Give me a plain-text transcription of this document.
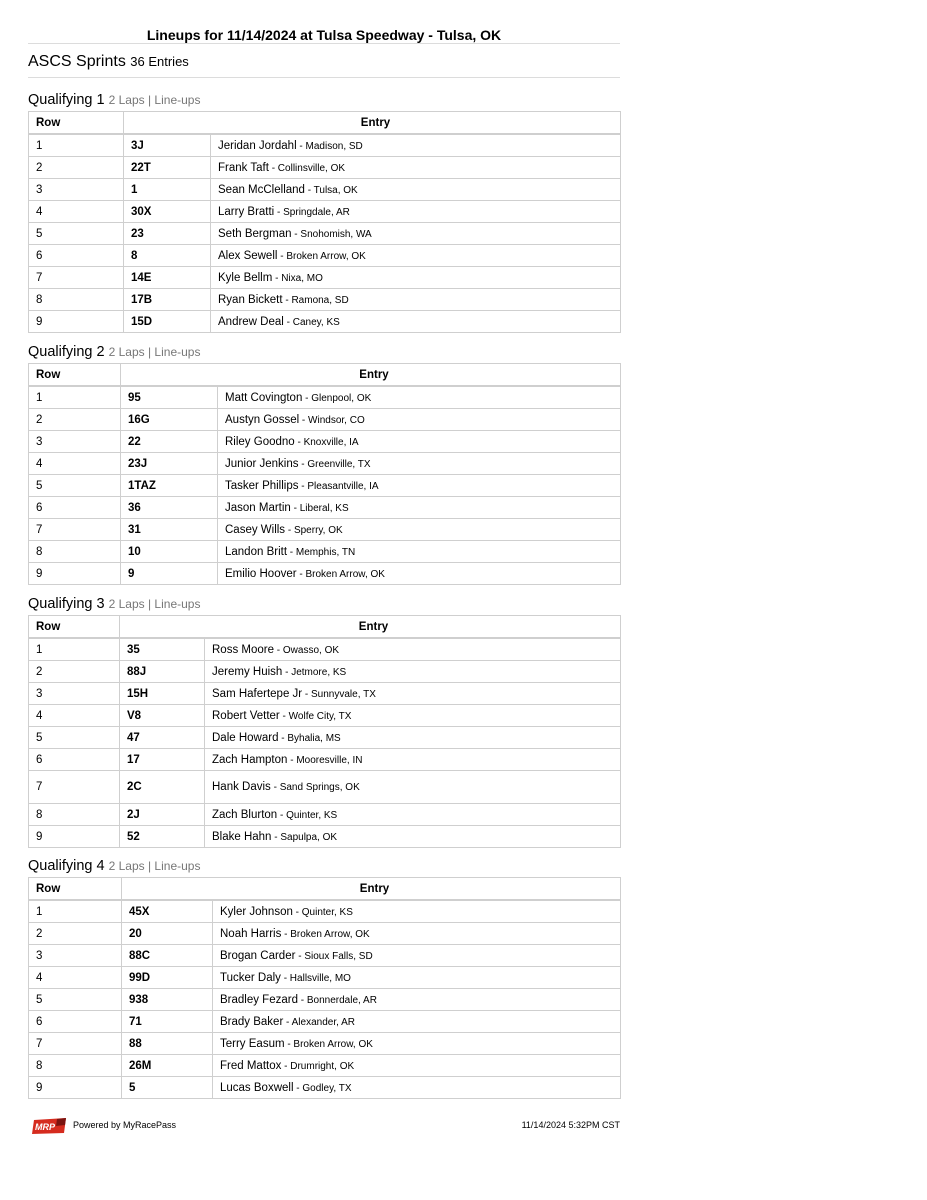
Lineups for 11/14/2024 at Tulsa Speedway - Tulsa, OK
ASCS Sprints 36 Entries
Qualifying 1 2 Laps | Line-ups
Row	Entry	
1	3J	Jeridan Jordahl - Madison, SD
2	22T	Frank Taft - Collinsville, OK
3	1	Sean McClelland - Tulsa, OK
4	30X	Larry Bratti - Springdale, AR
5	23	Seth Bergman - Snohomish, WA
6	8	Alex Sewell - Broken Arrow, OK
7	14E	Kyle Bellm - Nixa, MO
8	17B	Ryan Bickett - Ramona, SD
9	15D	Andrew Deal - Caney, KS
Qualifying 2 2 Laps | Line-ups
Row	Entry	
1	95	Matt Covington - Glenpool, OK
2	16G	Austyn Gossel - Windsor, CO
3	22	Riley Goodno - Knoxville, IA
4	23J	Junior Jenkins - Greenville, TX
5	1TAZ	Tasker Phillips - Pleasantville, IA
6	36	Jason Martin - Liberal, KS
7	31	Casey Wills - Sperry, OK
8	10	Landon Britt - Memphis, TN
9	9	Emilio Hoover - Broken Arrow, OK
Qualifying 3 2 Laps | Line-ups
Row	Entry	
1	35	Ross Moore - Owasso, OK
2	88J	Jeremy Huish - Jetmore, KS
3	15H	Sam Hafertepe Jr - Sunnyvale, TX
4	V8	Robert Vetter - Wolfe City, TX
5	47	Dale Howard - Byhalia, MS
6	17	Zach Hampton - Mooresville, IN
7	2C	Hank Davis - Sand Springs, OK
8	2J	Zach Blurton - Quinter, KS
9	52	Blake Hahn - Sapulpa, OK
Qualifying 4 2 Laps | Line-ups
Row	Entry	
1	45X	Kyler Johnson - Quinter, KS
2	20	Noah Harris - Broken Arrow, OK
3	88C	Brogan Carder - Sioux Falls, SD
4	99D	Tucker Daly - Hallsville, MO
5	938	Bradley Fezard - Bonnerdale, AR
6	71	Brady Baker - Alexander, AR
7	88	Terry Easum - Broken Arrow, OK
8	26M	Fred Mattox - Drumright, OK
9	5	Lucas Boxwell - Godley, TX
MRP Powered by MyRacePass	11/14/2024 5:32PM CST
